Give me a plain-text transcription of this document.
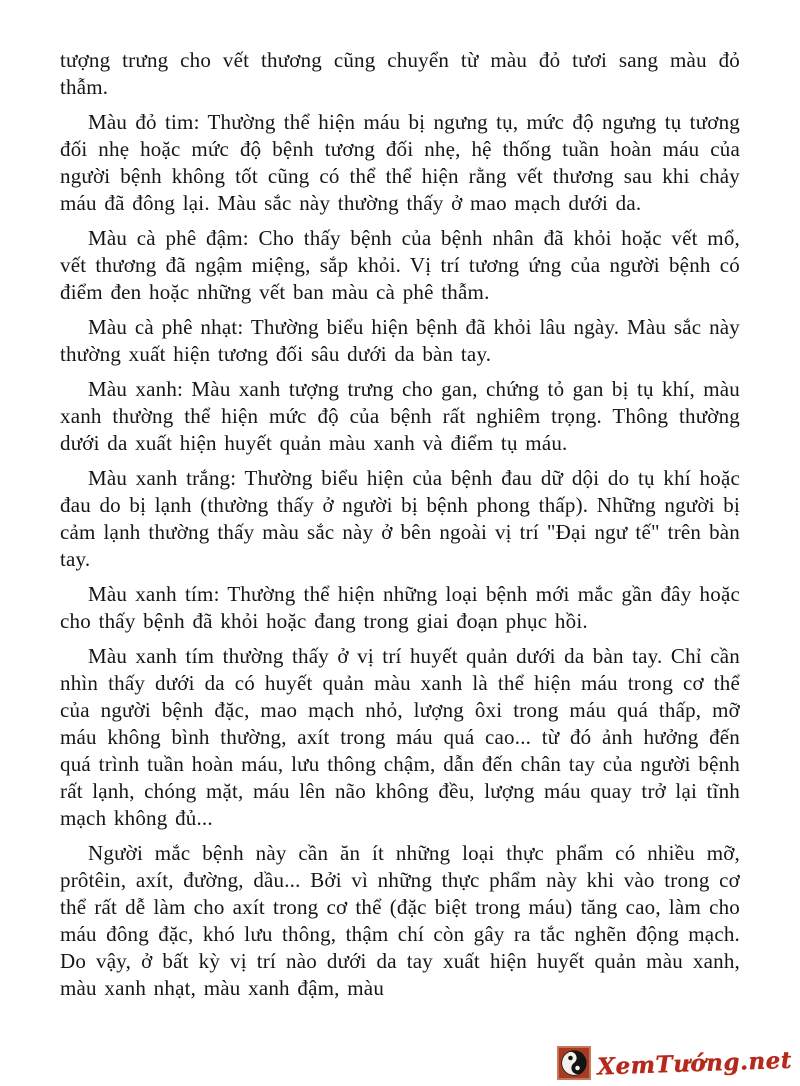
tượng trưng cho vết thương cũng chuyển từ màu đỏ tươi sang màu đỏ thẫm.

Màu đỏ tim: Thường thể hiện máu bị ngưng tụ, mức độ ngưng tụ tương đối nhẹ hoặc mức độ bệnh tương đối nhẹ, hệ thống tuần hoàn máu của người bệnh không tốt cũng có thể thể hiện rằng vết thương sau khi chảy máu đã đông lại. Màu sắc này thường thấy ở mao mạch dưới da.

Màu cà phê đậm: Cho thấy bệnh của bệnh nhân đã khỏi hoặc vết mổ, vết thương đã ngậm miệng, sắp khỏi. Vị trí tương ứng của người bệnh có điểm đen hoặc những vết ban màu cà phê thẫm.

Màu cà phê nhạt: Thường biểu hiện bệnh đã khỏi lâu ngày. Màu sắc này thường xuất hiện tương đối sâu dưới da bàn tay.

Màu xanh: Màu xanh tượng trưng cho gan, chứng tỏ gan bị tụ khí, màu xanh thường thể hiện mức độ của bệnh rất nghiêm trọng. Thông thường dưới da xuất hiện huyết quản màu xanh và điểm tụ máu.

Màu xanh trắng: Thường biểu hiện của bệnh đau dữ dội do tụ khí hoặc đau do bị lạnh (thường thấy ở người bị bệnh phong thấp). Những người bị cảm lạnh thường thấy màu sắc này ở bên ngoài vị trí "Đại ngư tế" trên bàn tay.

Màu xanh tím: Thường thể hiện những loại bệnh mới mắc gần đây hoặc cho thấy bệnh đã khỏi hoặc đang trong giai đoạn phục hồi.

Màu xanh tím thường thấy ở vị trí huyết quản dưới da bàn tay. Chỉ cần nhìn thấy dưới da có huyết quản màu xanh là thể hiện máu trong cơ thể của người bệnh đặc, mao mạch nhỏ, lượng ôxi trong máu quá thấp, mỡ máu không bình thường, axít trong máu quá cao... từ đó ảnh hưởng đến quá trình tuần hoàn máu, lưu thông chậm, dẫn đến chân tay của người bệnh rất lạnh, chóng mặt, máu lên não không đều, lượng máu quay trở lại tĩnh mạch không đủ...

Người mắc bệnh này cần ăn ít những loại thực phẩm có nhiều mỡ, prôtêin, axít, đường, dầu... Bởi vì những thực phẩm này khi vào trong cơ thể rất dễ làm cho axít trong cơ thể (đặc biệt trong máu) tăng cao, làm cho máu đông đặc, khó lưu thông, thậm chí còn gây ra tắc nghẽn động mạch. Do vậy, ở bất kỳ vị trí nào dưới da tay xuất hiện huyết quản màu xanh, màu xanh nhạt, màu xanh đậm, màu

XemTướng.net
